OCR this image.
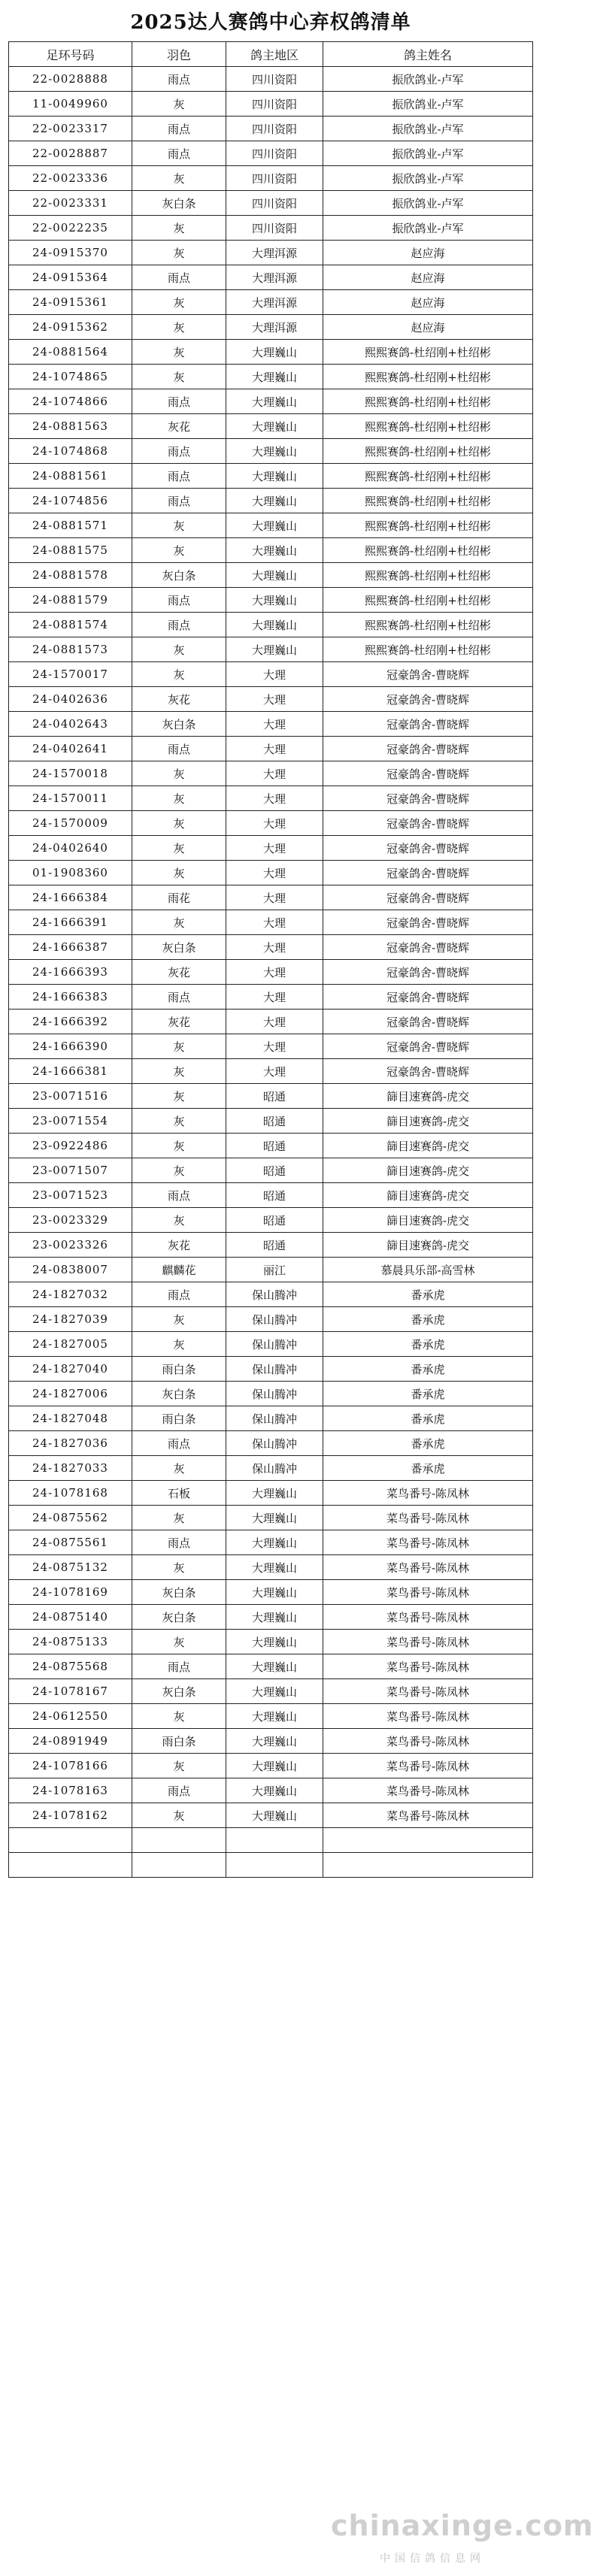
2025达人赛鸽中心弃权鸽清单
足环号码	羽色	鸽主地区	鸽主姓名
22-0028888	雨点	四川资阳	振欣鸽业-卢军
11-0049960	灰	四川资阳	振欣鸽业-卢军
22-0023317	雨点	四川资阳	振欣鸽业-卢军
22-0028887	雨点	四川资阳	振欣鸽业-卢军
22-0023336	灰	四川资阳	振欣鸽业-卢军
22-0023331	灰白条	四川资阳	振欣鸽业-卢军
22-0022235	灰	四川资阳	振欣鸽业-卢军
24-0915370	灰	大理洱源	赵应海
24-0915364	雨点	大理洱源	赵应海
24-0915361	灰	大理洱源	赵应海
24-0915362	灰	大理洱源	赵应海
24-0881564	灰	大理巍山	熙熙赛鸽-杜绍刚+杜绍彬
24-1074865	灰	大理巍山	熙熙赛鸽-杜绍刚+杜绍彬
24-1074866	雨点	大理巍山	熙熙赛鸽-杜绍刚+杜绍彬
24-0881563	灰花	大理巍山	熙熙赛鸽-杜绍刚+杜绍彬
24-1074868	雨点	大理巍山	熙熙赛鸽-杜绍刚+杜绍彬
24-0881561	雨点	大理巍山	熙熙赛鸽-杜绍刚+杜绍彬
24-1074856	雨点	大理巍山	熙熙赛鸽-杜绍刚+杜绍彬
24-0881571	灰	大理巍山	熙熙赛鸽-杜绍刚+杜绍彬
24-0881575	灰	大理巍山	熙熙赛鸽-杜绍刚+杜绍彬
24-0881578	灰白条	大理巍山	熙熙赛鸽-杜绍刚+杜绍彬
24-0881579	雨点	大理巍山	熙熙赛鸽-杜绍刚+杜绍彬
24-0881574	雨点	大理巍山	熙熙赛鸽-杜绍刚+杜绍彬
24-0881573	灰	大理巍山	熙熙赛鸽-杜绍刚+杜绍彬
24-1570017	灰	大理	冠豪鸽舍-曹晓辉
24-0402636	灰花	大理	冠豪鸽舍-曹晓辉
24-0402643	灰白条	大理	冠豪鸽舍-曹晓辉
24-0402641	雨点	大理	冠豪鸽舍-曹晓辉
24-1570018	灰	大理	冠豪鸽舍-曹晓辉
24-1570011	灰	大理	冠豪鸽舍-曹晓辉
24-1570009	灰	大理	冠豪鸽舍-曹晓辉
24-0402640	灰	大理	冠豪鸽舍-曹晓辉
01-1908360	灰	大理	冠豪鸽舍-曹晓辉
24-1666384	雨花	大理	冠豪鸽舍-曹晓辉
24-1666391	灰	大理	冠豪鸽舍-曹晓辉
24-1666387	灰白条	大理	冠豪鸽舍-曹晓辉
24-1666393	灰花	大理	冠豪鸽舍-曹晓辉
24-1666383	雨点	大理	冠豪鸽舍-曹晓辉
24-1666392	灰花	大理	冠豪鸽舍-曹晓辉
24-1666390	灰	大理	冠豪鸽舍-曹晓辉
24-1666381	灰	大理	冠豪鸽舍-曹晓辉
23-0071516	灰	昭通	篩目速赛鸽-虎交
23-0071554	灰	昭通	篩目速赛鸽-虎交
23-0922486	灰	昭通	篩目速赛鸽-虎交
23-0071507	灰	昭通	篩目速赛鸽-虎交
23-0071523	雨点	昭通	篩目速赛鸽-虎交
23-0023329	灰	昭通	篩目速赛鸽-虎交
23-0023326	灰花	昭通	篩目速赛鸽-虎交
24-0838007	麒麟花	丽江	慕晨具乐部-高雪林
24-1827032	雨点	保山腾冲	番承虎
24-1827039	灰	保山腾冲	番承虎
24-1827005	灰	保山腾冲	番承虎
24-1827040	雨白条	保山腾冲	番承虎
24-1827006	灰白条	保山腾冲	番承虎
24-1827048	雨白条	保山腾冲	番承虎
24-1827036	雨点	保山腾冲	番承虎
24-1827033	灰	保山腾冲	番承虎
24-1078168	石板	大理巍山	菜鸟番号-陈凤林
24-0875562	灰	大理巍山	菜鸟番号-陈凤林
24-0875561	雨点	大理巍山	菜鸟番号-陈凤林
24-0875132	灰	大理巍山	菜鸟番号-陈凤林
24-1078169	灰白条	大理巍山	菜鸟番号-陈凤林
24-0875140	灰白条	大理巍山	菜鸟番号-陈凤林
24-0875133	灰	大理巍山	菜鸟番号-陈凤林
24-0875568	雨点	大理巍山	菜鸟番号-陈凤林
24-1078167	灰白条	大理巍山	菜鸟番号-陈凤林
24-0612550	灰	大理巍山	菜鸟番号-陈凤林
24-0891949	雨白条	大理巍山	菜鸟番号-陈凤林
24-1078166	灰	大理巍山	菜鸟番号-陈凤林
24-1078163	雨点	大理巍山	菜鸟番号-陈凤林
24-1078162	灰	大理巍山	菜鸟番号-陈凤林

chinaxinge.com
中国信鸽信息网
